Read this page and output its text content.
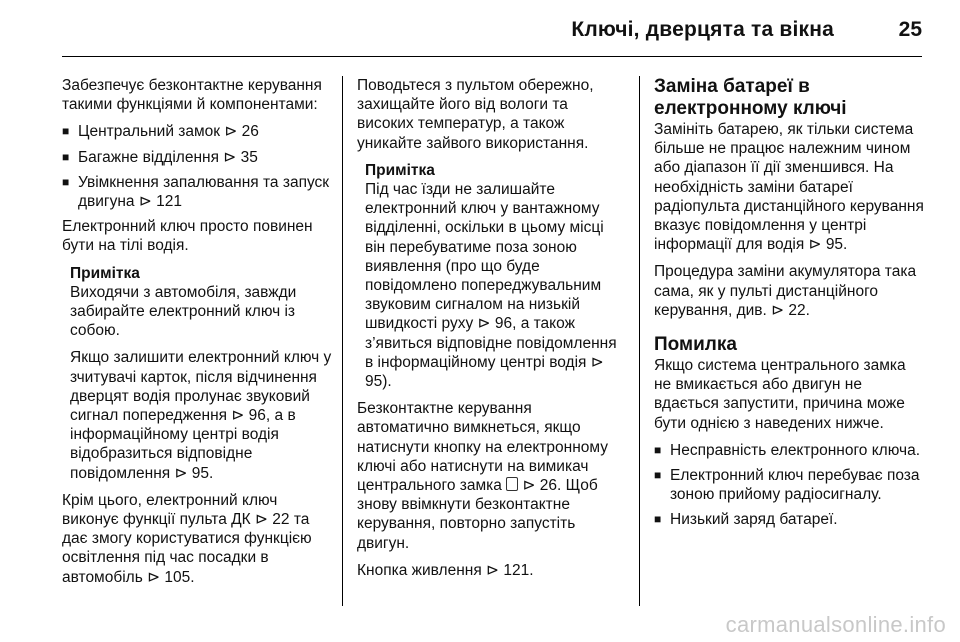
Ключі, дверцята та вікна	25

Забезпечує безконтактне керування такими функціями й компонентами:

■ Центральний замок ⊳ 26
■ Багажне відділення ⊳ 35
■ Увімкнення запалювання та запуск двигуна ⊳ 121

Електронний ключ просто повинен бути на тілі водія.

Примітка

Виходячи з автомобіля, завжди забирайте електронний ключ із собою.

Якщо залишити електронний ключ у зчитувачі карток, після відчинення дверцят водія пролунає звуковий сигнал попередження ⊳ 96, а в інформаційному центрі водія відобразиться відповідне повідомлення ⊳ 95.

Крім цього, електронний ключ виконує функції пульта ДК ⊳ 22 та дає змогу користуватися функцією освітлення під час посадки в автомобіль ⊳ 105.

Поводьтеся з пультом обережно, захищайте його від вологи та високих температур, а також уникайте зайвого використання.

Примітка

Під час їзди не залишайте електронний ключ у вантажному відділенні, оскільки в цьому місці він перебуватиме поза зоною виявлення (про що буде повідомлено попереджувальним звуковим сигналом на низькій швидкості руху ⊳ 96, а також з’явиться відповідне повідомлення в інформаційному центрі водія ⊳ 95).

Безконтактне керування автоматично вимкнеться, якщо натиснути кнопку на електронному ключі або натиснути на вимикач центрального замка ⊳ 26. Щоб знову ввімкнути безконтактне керування, повторно запустіть двигун.

Кнопка живлення ⊳ 121.

Заміна батареї в електронному ключі

Замініть батарею, як тільки система більше не працює належним чином або діапазон її дії зменшився. На необхідність заміни батареї радіопульта дистанційного керування вказує повідомлення у центрі інформації для водія ⊳ 95.

Процедура заміни акумулятора така сама, як у пульті дистанційного керування, див. ⊳ 22.

Помилка

Якщо система центрального замка не вмикається або двигун не вдається запустити, причина може бути однією з наведених нижче.

■ Несправність електронного ключа.
■ Електронний ключ перебуває поза зоною прийому радіосигналу.
■ Низький заряд батареї.
carmanualsonline.info
